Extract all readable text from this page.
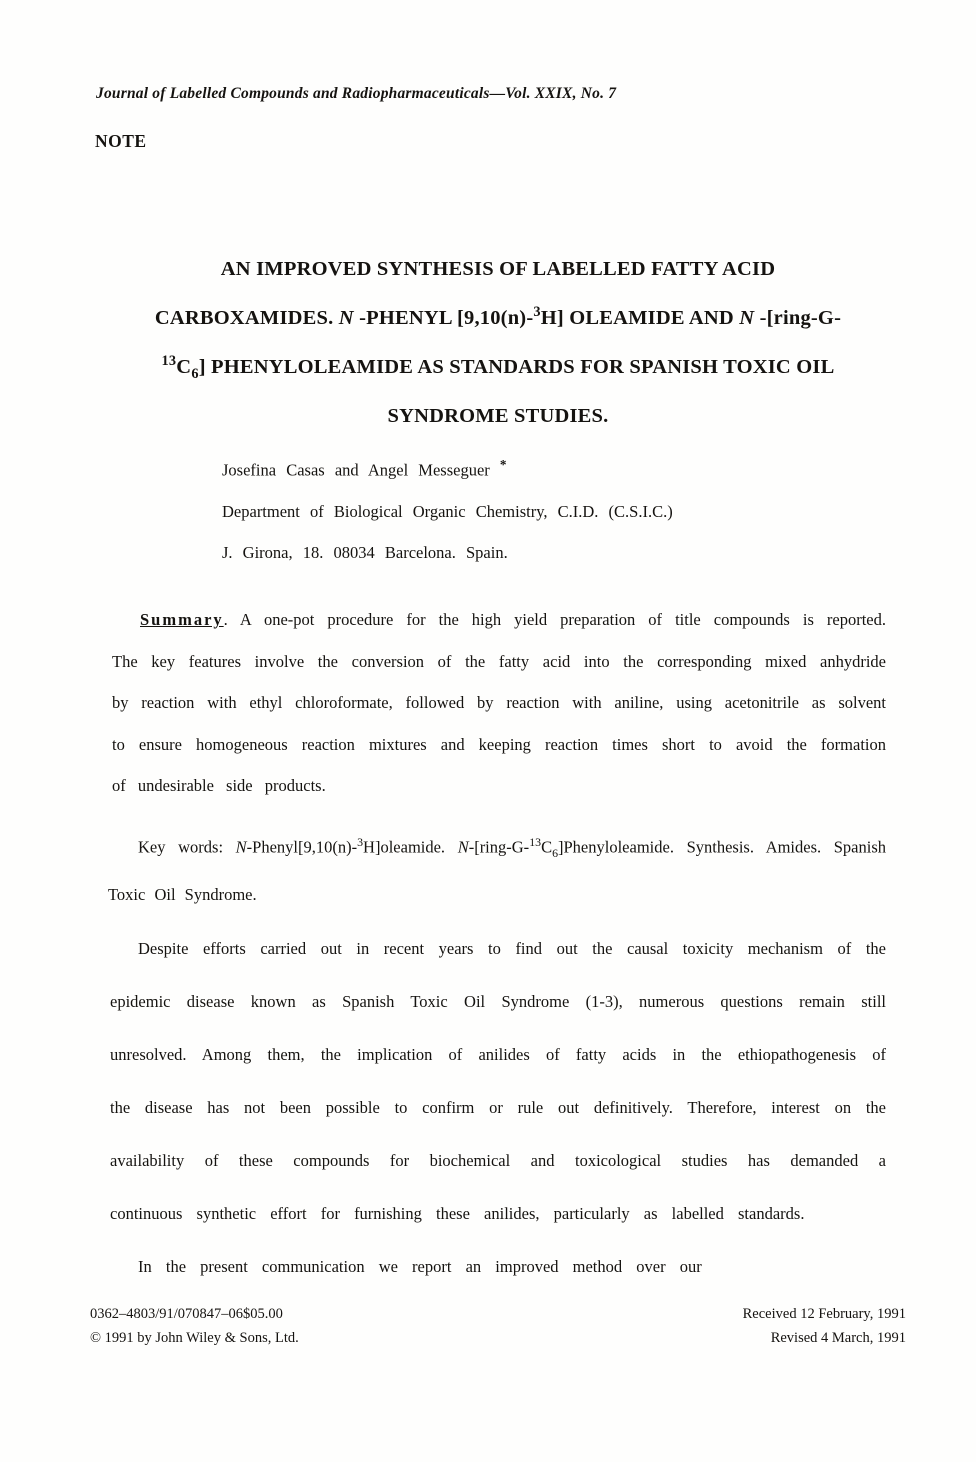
Journal of Labelled Compounds and Radiopharmaceuticals—Vol. XXIX, No. 7
NOTE
AN IMPROVED SYNTHESIS OF LABELLED FATTY ACID
CARBOXAMIDES. N -PHENYL [9,10(n)-$^3$H] OLEAMIDE AND N -[ring-G-
$^{13}C_6$] PHENYLOLEAMIDE AS STANDARDS FOR SPANISH TOXIC OIL
SYNDROME STUDIES.

Josefina Casas and Angel Messeguer *

Department of Biological Organic Chemistry, C.I.D. (C.S.I.C.)

J. Girona, 18. 08034 Barcelona. Spain.

Summary. A one-pot procedure for the high yield preparation of title compounds is reported. The key features involve the conversion of the fatty acid into the corresponding mixed anhydride by reaction with ethyl chloroformate, followed by reaction with aniline, using acetonitrile as solvent to ensure homogeneous reaction mixtures and keeping reaction times short to avoid the formation of undesirable side products.

Key words: N-Phenyl[9,10(n)-$^3$H]oleamide. $N-[ring-G-^{13}C_6]Phenyloleamide$. Synthesis. Amides. Spanish Toxic Oil Syndrome.

Despite efforts carried out in recent years to find out the causal toxicity mechanism of the epidemic disease known as Spanish Toxic Oil Syndrome (1-3), numerous questions remain still unresolved. Among them, the implication of anilides of fatty acids in the ethiopathogenesis of the disease has not been possible to confirm or rule out definitively. Therefore, interest on the availability of these compounds for biochemical and toxicological studies has demanded a continuous synthetic effort for furnishing these anilides, particularly as labelled standards.

In the present communication we report an improved method over our

0362–4803/91/070847–06$05.00

© 1991 by John Wiley & Sons, Ltd.

Received 12 February, 1991

Revised 4 March, 1991
